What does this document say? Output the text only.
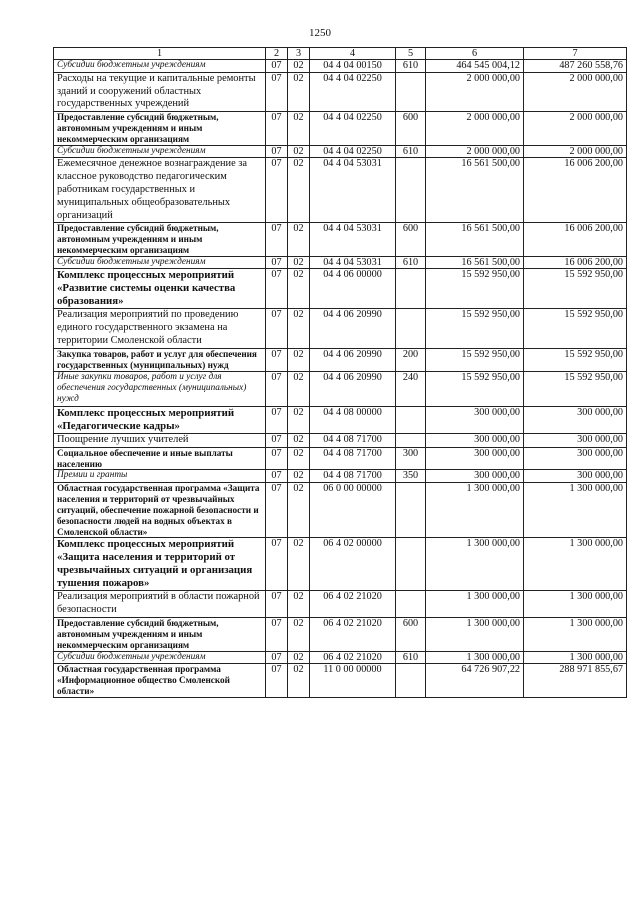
1250
1	2	3	4	5	6	7
Субсидии бюджетным учреждениям	07	02	04 4 04 00150	610	464 545 004,12	487 260 558,76
Расходы на текущие и капитальные ремонты зданий и сооружений областных государственных учреждений	07	02	04 4 04 02250		2 000 000,00	2 000 000,00
Предоставление субсидий бюджетным, автономным учреждениям и иным некоммерческим организациям	07	02	04 4 04 02250	600	2 000 000,00	2 000 000,00
Субсидии бюджетным учреждениям	07	02	04 4 04 02250	610	2 000 000,00	2 000 000,00
Ежемесячное денежное вознаграждение за классное руководство педагогическим работникам государственных и муниципальных общеобразовательных организаций	07	02	04 4 04 53031		16 561 500,00	16 006 200,00
Предоставление субсидий бюджетным, автономным учреждениям и иным некоммерческим организациям	07	02	04 4 04 53031	600	16 561 500,00	16 006 200,00
Субсидии бюджетным учреждениям	07	02	04 4 04 53031	610	16 561 500,00	16 006 200,00
Комплекс процессных мероприятий «Развитие системы оценки качества образования»	07	02	04 4 06 00000		15 592 950,00	15 592 950,00
Реализация мероприятий по проведению единого государственного экзамена на территории Смоленской области	07	02	04 4 06 20990		15 592 950,00	15 592 950,00
Закупка товаров, работ и услуг для обеспечения государственных (муниципальных) нужд	07	02	04 4 06 20990	200	15 592 950,00	15 592 950,00
Иные закупки товаров, работ и услуг для обеспечения государственных (муниципальных) нужд	07	02	04 4 06 20990	240	15 592 950,00	15 592 950,00
Комплекс процессных мероприятий «Педагогические кадры»	07	02	04 4 08 00000		300 000,00	300 000,00
Поощрение лучших учителей	07	02	04 4 08 71700		300 000,00	300 000,00
Социальное обеспечение и иные выплаты населению	07	02	04 4 08 71700	300	300 000,00	300 000,00
Премии и гранты	07	02	04 4 08 71700	350	300 000,00	300 000,00
Областная государственная программа «Защита населения и территорий от чрезвычайных ситуаций, обеспечение пожарной безопасности и безопасности людей на водных объектах в Смоленской области»	07	02	06 0 00 00000		1 300 000,00	1 300 000,00
Комплекс процессных мероприятий «Защита населения и территорий от чрезвычайных ситуаций и организация тушения пожаров»	07	02	06 4 02 00000		1 300 000,00	1 300 000,00
Реализация мероприятий в области пожарной безопасности	07	02	06 4 02 21020		1 300 000,00	1 300 000,00
Предоставление субсидий бюджетным, автономным учреждениям и иным некоммерческим организациям	07	02	06 4 02 21020	600	1 300 000,00	1 300 000,00
Субсидии бюджетным учреждениям	07	02	06 4 02 21020	610	1 300 000,00	1 300 000,00
Областная государственная программа «Информационное общество Смоленской области»	07	02	11 0 00 00000		64 726 907,22	288 971 855,67
